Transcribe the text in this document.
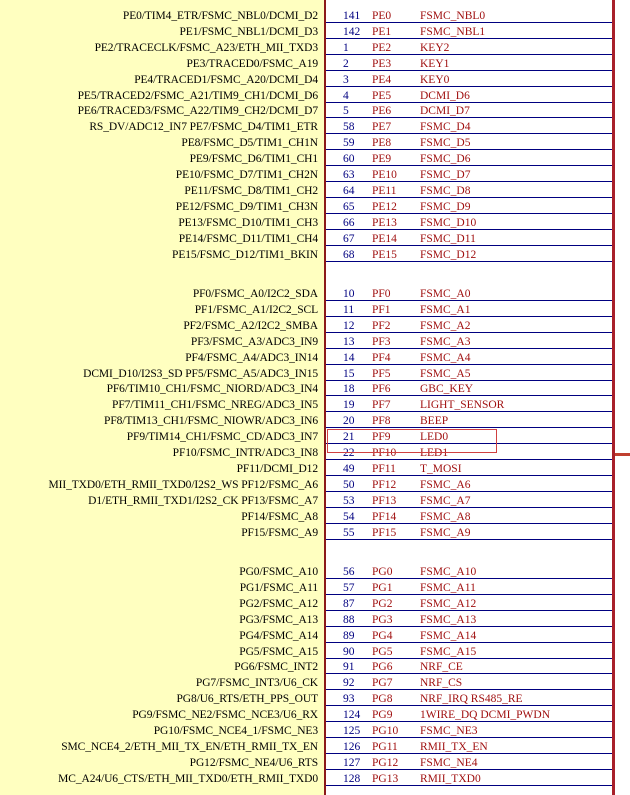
PE0/TIM4_ETR/FSMC_NBL0/DCMI_D2 141	PE0	FSMC_NBL0
PE1/FSMC_NBL1/DCMI_D3 142	PE1	FSMC_NBL1
PE2/TRACECLK/FSMC_A23/ETH_MII_TXD3 1	PE2	KEY2
PE3/TRACED0/FSMC_A19 2	PE3	KEY1
PE4/TRACED1/FSMC_A20/DCMI_D4 3	PE4	KEY0
PE5/TRACED2/FSMC_A21/TIM9_CH1/DCMI_D6 4	PE5	DCMI_D6
PE6/TRACED3/FSMC_A22/TIM9_CH2/DCMI_D7 5	PE6	DCMI_D7
RS_DV/ADC12_IN7 PE7/FSMC_D4/TIM1_ETR 58	PE7	FSMC_D4
PE8/FSMC_D5/TIM1_CH1N 59	PE8	FSMC_D5
PE9/FSMC_D6/TIM1_CH1 60	PE9	FSMC_D6
PE10/FSMC_D7/TIM1_CH2N 63	PE10	FSMC_D7
PE11/FSMC_D8/TIM1_CH2 64	PE11	FSMC_D8
PE12/FSMC_D9/TIM1_CH3N 65	PE12	FSMC_D9
PE13/FSMC_D10/TIM1_CH3 66	PE13	FSMC_D10
PE14/FSMC_D11/TIM1_CH4 67	PE14	FSMC_D11
PE15/FSMC_D12/TIM1_BKIN 68	PE15	FSMC_D12
PF0/FSMC_A0/I2C2_SDA 10	PF0	FSMC_A0
PF1/FSMC_A1/I2C2_SCL 11	PF1	FSMC_A1
PF2/FSMC_A2/I2C2_SMBA 12	PF2	FSMC_A2
PF3/FSMC_A3/ADC3_IN9 13	PF3	FSMC_A3
PF4/FSMC_A4/ADC3_IN14 14	PF4	FSMC_A4
DCMI_D10/I2S3_SD PF5/FSMC_A5/ADC3_IN15 15	PF5	FSMC_A5
PF6/TIM10_CH1/FSMC_NIORD/ADC3_IN4 18	PF6	GBC_KEY
PF7/TIM11_CH1/FSMC_NREG/ADC3_IN5 19	PF7	LIGHT_SENSOR
PF8/TIM13_CH1/FSMC_NIOWR/ADC3_IN6 20	PF8	BEEP
PF9/TIM14_CH1/FSMC_CD/ADC3_IN7 21	PF9	LED0
PF10/FSMC_INTR/ADC3_IN8 22	PF10	LED1
PF11/DCMI_D12 49	PF11	T_MOSI
MII_TXD0/ETH_RMII_TXD0/I2S2_WS PF12/FSMC_A6 50	PF12	FSMC_A6
D1/ETH_RMII_TXD1/I2S2_CK PF13/FSMC_A7 53	PF13	FSMC_A7
PF14/FSMC_A8 54	PF14	FSMC_A8
PF15/FSMC_A9 55	PF15	FSMC_A9
PG0/FSMC_A10 56	PG0	FSMC_A10
PG1/FSMC_A11 57	PG1	FSMC_A11
PG2/FSMC_A12 87	PG2	FSMC_A12
PG3/FSMC_A13 88	PG3	FSMC_A13
PG4/FSMC_A14 89	PG4	FSMC_A14
PG5/FSMC_A15 90	PG5	FSMC_A15
PG6/FSMC_INT2 91	PG6	NRF_CE
PG7/FSMC_INT3/U6_CK 92	PG7	NRF_CS
PG8/U6_RTS/ETH_PPS_OUT 93	PG8	NRF_IRQ RS485_RE
PG9/FSMC_NE2/FSMC_NCE3/U6_RX 124	PG9	1WIRE_DQ DCMI_PWDN
PG10/FSMC_NCE4_1/FSMC_NE3 125	PG10	FSMC_NE3
SMC_NCE4_2/ETH_MII_TX_EN/ETH_RMII_TX_EN 126	PG11	RMII_TX_EN
PG12/FSMC_NE4/U6_RTS 127	PG12	FSMC_NE4
MC_A24/U6_CTS/ETH_MII_TXD0/ETH_RMII_TXD0 128	PG13	RMII_TXD0
